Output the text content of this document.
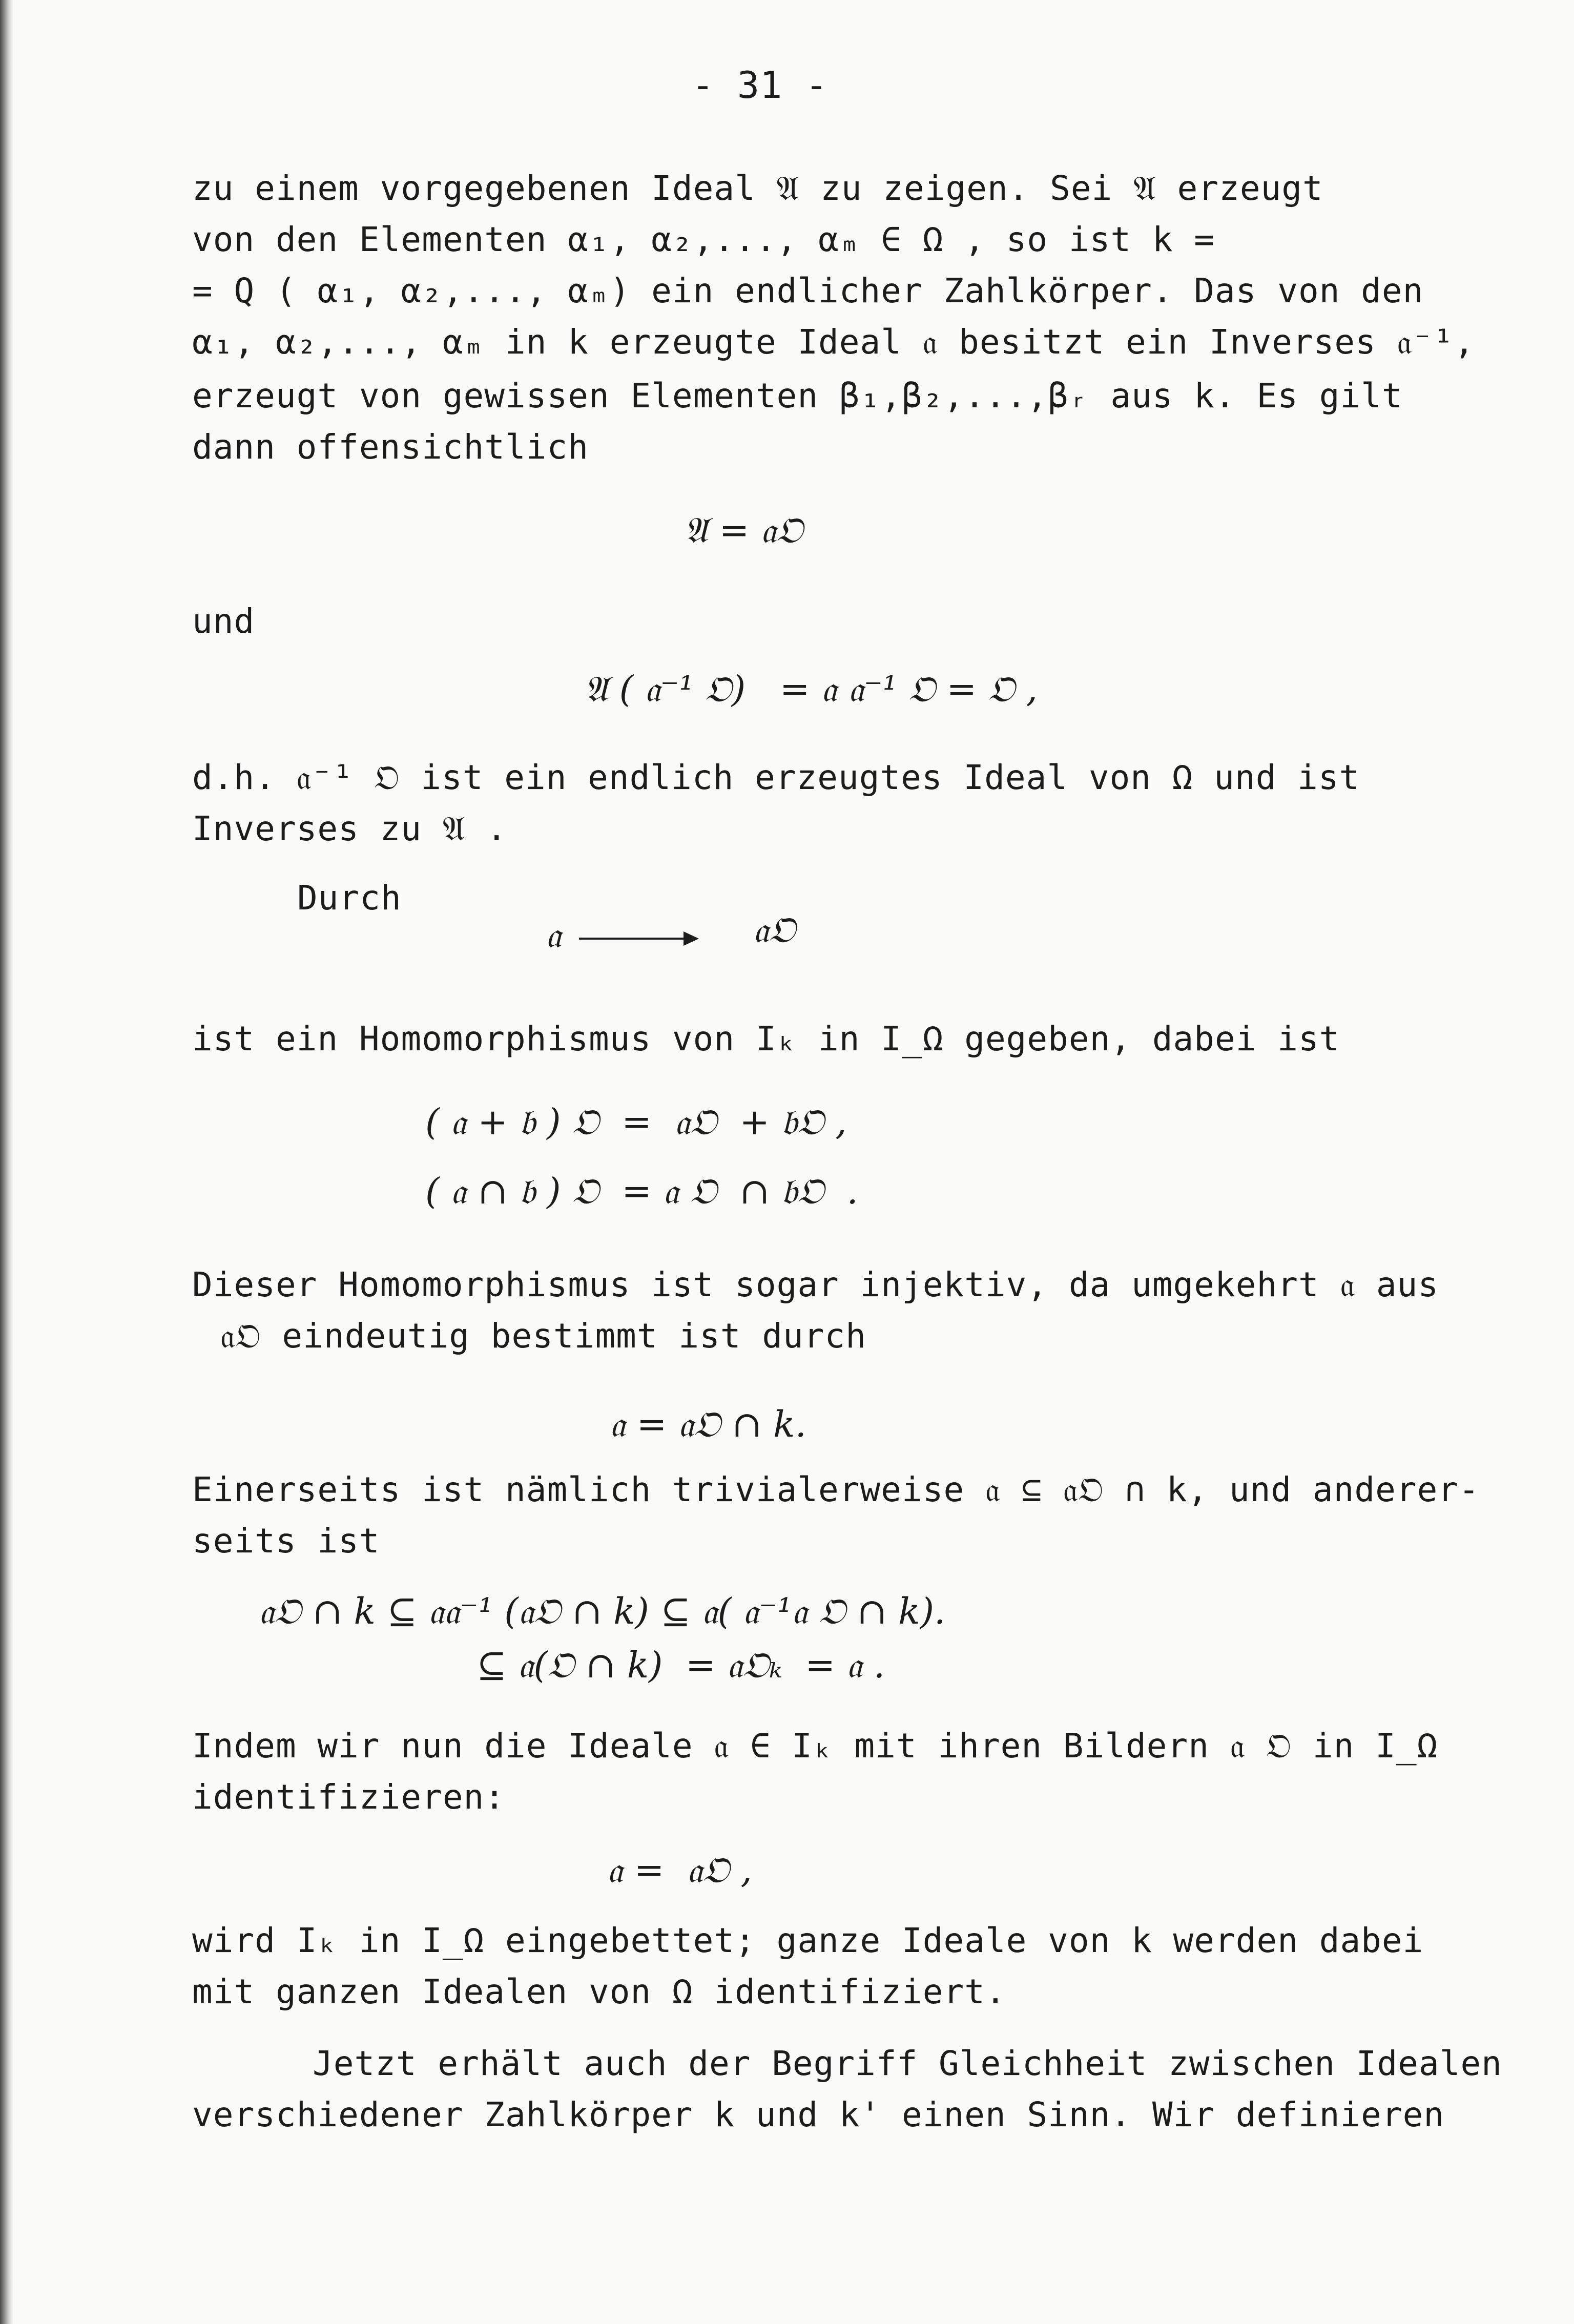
- 31 -
zu einem vorgegebenen Ideal 𝔄 zu zeigen. Sei 𝔄 erzeugt
von den Elementen α₁, α₂,..., αₘ ∈ Ω , so ist k =
= Q ( α₁, α₂,..., αₘ) ein endlicher Zahlkörper. Das von den
α₁, α₂,..., αₘ in k erzeugte Ideal 𝔞 besitzt ein Inverses 𝔞⁻¹,
erzeugt von gewissen Elementen β₁,β₂,...,βᵣ aus k. Es gilt
dann offensichtlich
𝔄 = 𝔞𝔒
und
𝔄 ( 𝔞⁻¹ 𝔒)   = 𝔞 𝔞⁻¹ 𝔒 = 𝔒 ,
d.h. 𝔞⁻¹ 𝔒 ist ein endlich erzeugtes Ideal von Ω und ist
Inverses zu 𝔄 .
Durch
𝔞	𝔞𝔒
ist ein Homomorphismus von Iₖ in I_Ω gegeben, dabei ist
( 𝔞 + 𝔟 ) 𝔒  =  𝔞𝔒  + 𝔟𝔒 ,
( 𝔞 ∩ 𝔟 ) 𝔒  = 𝔞 𝔒  ∩ 𝔟𝔒  .
Dieser Homomorphismus ist sogar injektiv, da umgekehrt 𝔞 aus
𝔞𝔒 eindeutig bestimmt ist durch
𝔞 = 𝔞𝔒 ∩ k.
Einerseits ist nämlich trivialerweise 𝔞 ⊆ 𝔞𝔒 ∩ k, und anderer-
seits ist
𝔞𝔒 ∩ k ⊆ 𝔞𝔞⁻¹ (𝔞𝔒 ∩ k) ⊆ 𝔞( 𝔞⁻¹𝔞 𝔒 ∩ k).
⊆ 𝔞(𝔒 ∩ k)  = 𝔞𝔒ₖ  = 𝔞 .
Indem wir nun die Ideale 𝔞 ∈ Iₖ mit ihren Bildern 𝔞 𝔒 in I_Ω
identifizieren:
𝔞 =  𝔞𝔒 ,
wird Iₖ in I_Ω eingebettet; ganze Ideale von k werden dabei
mit ganzen Idealen von Ω identifiziert.
Jetzt erhält auch der Begriff Gleichheit zwischen Idealen
verschiedener Zahlkörper k und k' einen Sinn. Wir definieren
